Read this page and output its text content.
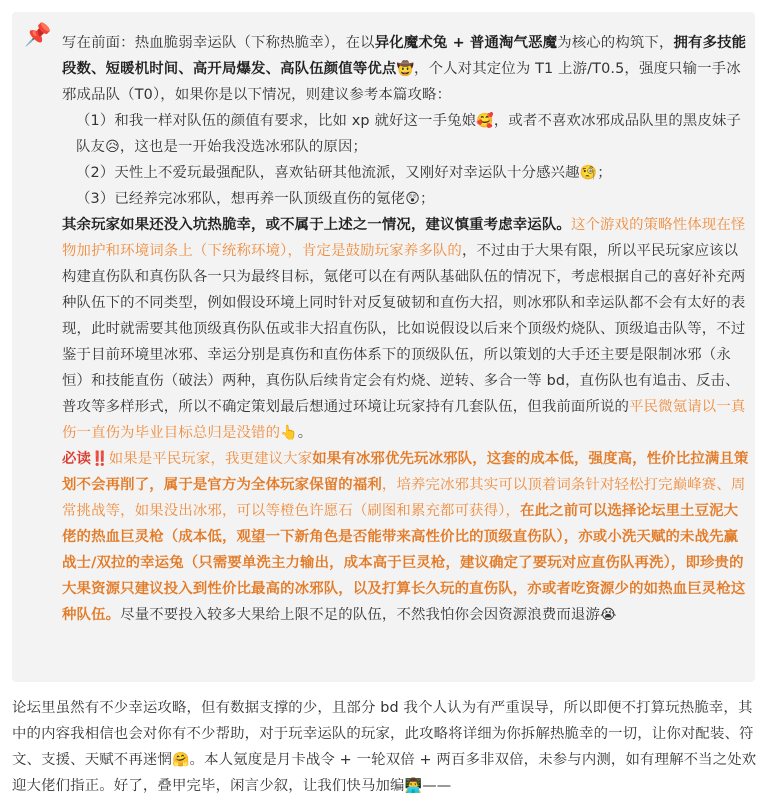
📌 写在前面：热血脆弱幸运队（下称热脆幸），在以异化魔术兔 + 普通淘气恶魔为核心的构筑下，拥有多技能段数、短暖机时间、高开局爆发、高队伍颜值等优点🤠，个人对其定位为 T1 上游/T0.5，强度只输一手冰邪成品队（T0），如果你是以下情况，则建议参考本篇攻略：

（1）和我一样对队伍的颜值有要求，比如 xp 就好这一手兔娘🥰，或者不喜欢冰邪成品队里的黑皮妹子队友😥，这也是一开始我没选冰邪队的原因；

（2）天性上不爱玩最强配队，喜欢钻研其他流派，又刚好对幸运队十分感兴趣🧐；

（3）已经养完冰邪队，想再养一队顶级直伤的氪佬😲；

其余玩家如果还没入坑热脆幸，或不属于上述之一情况，建议慎重考虑幸运队。这个游戏的策略性体现在怪物加护和环境词条上（下统称环境），肯定是鼓励玩家养多队的，不过由于大果有限，所以平民玩家应该以构建直伤队和真伤队各一只为最终目标，氪佬可以在有两队基础队伍的情况下，考虑根据自己的喜好补充两种队伍下的不同类型，例如假设环境上同时针对反复破韧和直伤大招，则冰邪队和幸运队都不会有太好的表现，此时就需要其他顶级真伤队伍或非大招直伤队，比如说假设以后来个顶级灼烧队、顶级追击队等，不过鉴于目前环境里冰邪、幸运分别是真伤和直伤体系下的顶级队伍，所以策划的大手还主要是限制冰邪（永恒）和技能直伤（破法）两种，真伤队后续肯定会有灼烧、逆转、多合一等 bd，直伤队也有追击、反击、普攻等多样形式，所以不确定策划最后想通过环境让玩家持有几套队伍，但我前面所说的平民微氪请以一真伤一直伤为毕业目标总归是没错的👆。

必读‼️如果是平民玩家，我更建议大家如果有冰邪优先玩冰邪队，这套的成本低，强度高，性价比拉满且策划不会再削了，属于是官方为全体玩家保留的福利，培养完冰邪其实可以顶着词条针对轻松打完巅峰赛、周常挑战等，如果没出冰邪，可以等橙色许愿石（刷图和累充都可获得），在此之前可以选择论坛里土豆泥大佬的热血巨灵枪（成本低，观望一下新角色是否能带来高性价比的顶级直伤队），亦或小洗天赋的未战先赢战士/双拉的幸运兔（只需要单洗主力输出，成本高于巨灵枪，建议确定了要玩对应直伤队再洗），即珍贵的大果资源只建议投入到性价比最高的冰邪队，以及打算长久玩的直伤队，亦或者吃资源少的如热血巨灵枪这种队伍。尽量不要投入较多大果给上限不足的队伍，不然我怕你会因资源浪费而退游😭

论坛里虽然有不少幸运攻略，但有数据支撑的少，且部分 bd 我个人认为有严重误导，所以即便不打算玩热脆幸，其中的内容我相信也会对你有不少帮助，对于玩幸运队的玩家，此攻略将详细为你拆解热脆幸的一切，让你对配装、符文、支援、天赋不再迷惘🤗。本人氪度是月卡战令 + 一轮双倍 + 两百多非双倍，未参与内测，如有理解不当之处欢迎大佬们指正。好了，叠甲完毕，闲言少叙，让我们快马加编👨‍💻——
